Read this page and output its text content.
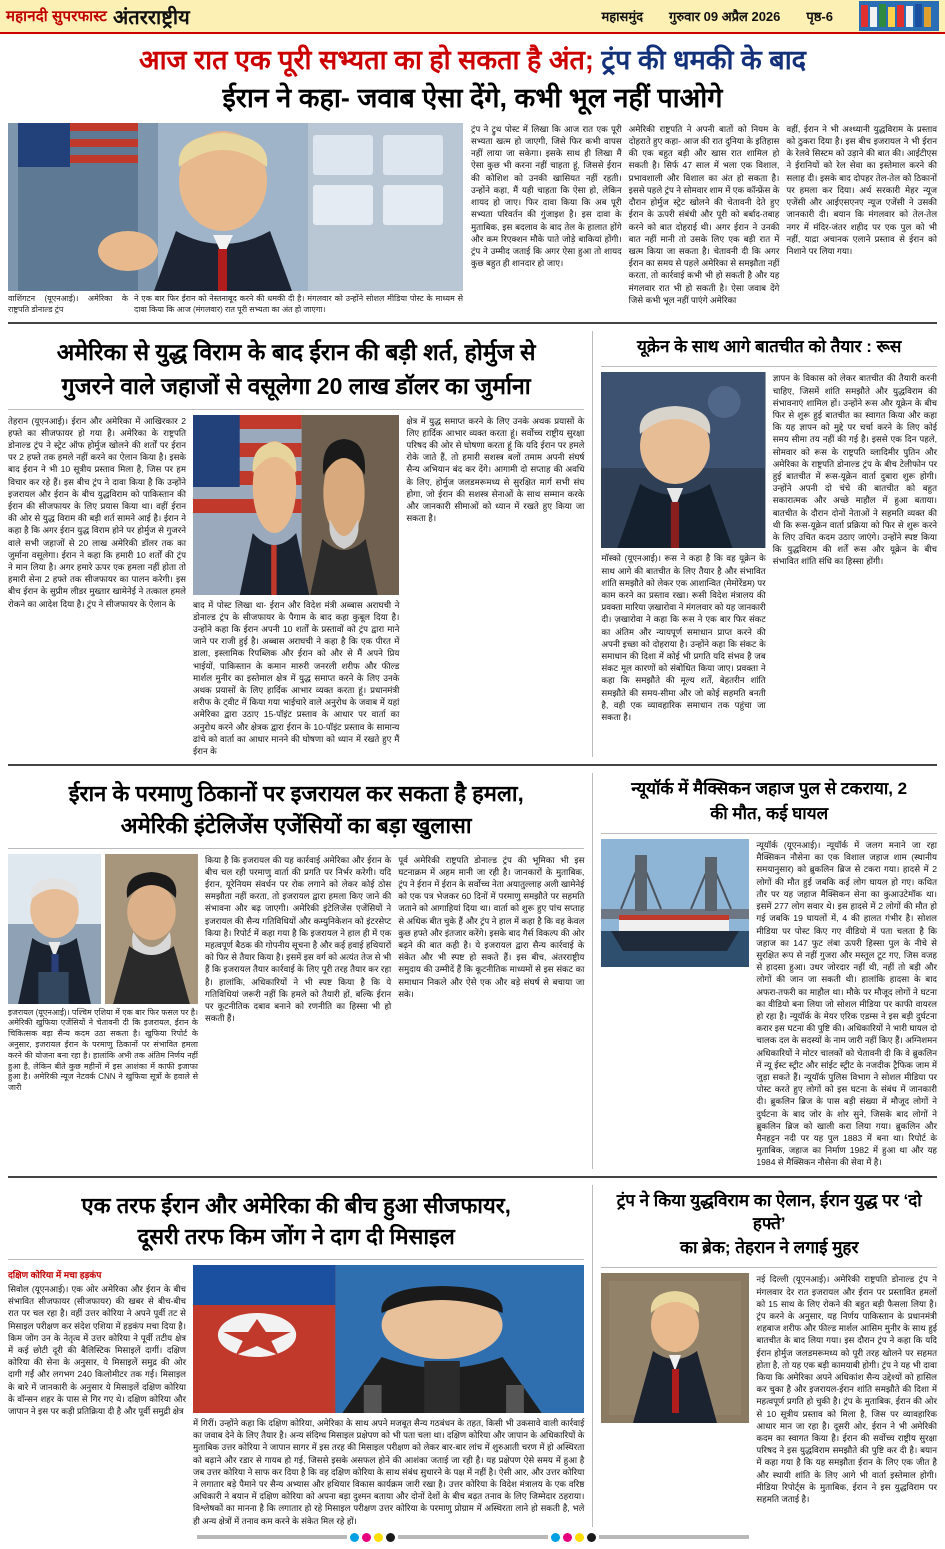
महानदी सुपरफास्ट अंतरराष्ट्रीय	महासमुंद गुरुवार 09 अप्रैल 2026 पृष्ठ-6
आज रात एक पूरी सभ्यता का हो सकता है अंत; ट्रंप की धमकी के बाद
ईरान ने कहा- जवाब ऐसा देंगे, कभी भूल नहीं पाओगे
वाशिंगटन (यूएनआई)। अमेरिका के राष्ट्रपति डोनाल्ड ट्रंप
ने एक बार फिर ईरान को नेस्तनाबूद करने की धमकी दी है। मंगलवार को उन्होंने सोशल मीडिया पोस्ट के माध्यम से दावा किया कि आज (मंगलवार) रात पूरी सभ्यता का अंत हो जाएगा।
ट्रंप ने ट्रुथ पोस्ट में लिखा कि आज रात एक पूरी सभ्यता खत्म हो जाएगी, जिसे फिर कभी वापस नहीं लाया जा सकेगा। इसके साथ ही लिखा मैं ऐसा कुछ भी करना नहीं चाहता हूं, जिससे ईरान की कोशिश को उनकी खासियत नहीं रहती। उन्होंने कहा, मैं यही चाहता कि ऐसा हो, लेकिन शायद हो जाए। फिर दावा किया कि अब पूरी सभ्यता परिवर्तन की गुंजाइश है। इस दावा के मुताबिक, इस बदलाव के बाद तेल के हालात होंगे और कम रिएक्शन मौके पाते जोड़े बाकियां होंगी। ट्रंप ने उम्मीद जताई कि अगर ऐसा हुआ तो शायद कुछ बहुत ही शानदार हो जाए।
अमेरिकी राष्ट्रपति ने अपनी बातों को नियम के दोहराते हुए कहा- आज की रात दुनिया के इतिहास की एक बहुत बड़ी और खास रात शामिल हो सकती है। सिर्फ 47 साल में भला एक विशाल, प्रभावशाली और विशाल का अंत हो सकता है। इससे पहले ट्रंप ने सोमवार शाम में एक कॉन्फ्रेंस के दौरान होर्मुज स्ट्रेट खोलने की चेतावनी देते हुए ईरान के ऊपरी संबंधी और पूरी को बर्बाद-तबाह करने को बात दोहराई थी। अगर ईरान ने उनकी बात नहीं मानी तो उसके लिए एक बड़ी रात में खत्म किया जा सकता है। चेतावनी दी कि अगर ईरान का समय से पहले अमेरिका से समझौता नहीं करता, तो कार्रवाई कभी भी हो सकती है और यह मंगलवार रात भी हो सकती है। ऐसा जवाब देंगे जिसे कभी भूल नहीं पाएंगे अमेरिका
वहीं, ईरान ने भी अश्ध्यानी युद्धविराम के प्रस्ताव को ठुकरा दिया है। इस बीच इजरायल ने भी ईरान के रेलवे सिस्टम को उड़ाने की बात की। आईटीएस ने ईरानियों को रेल सेवा का इस्तेमाल करने की सलाह दी। इसके बाद दोपहर तेल-तेल को ठिकानों पर हमला कर दिया। अर्थ सरकारी मेहर न्यूज एजेंसी और आईएसएनए न्यूज एजेंसी ने उसकी जानकारी दी। बयान कि मंगलवार को तेल-तेल नगर में मंदिर-जंतर शहीद पर एक पुल को भी नहीं, याद्रा अचानक एलाने प्रस्ताव से ईरान को निशाने पर लिया गया।
अमेरिका से युद्ध विराम के बाद ईरान की बड़ी शर्त, होर्मुज से
गुजरने वाले जहाजों से वसूलेगा 20 लाख डॉलर का जुर्माना
तेहरान (यूएनआई)। ईरान और अमेरिका में आखिरकार 2 हफ्ते का सीजफायर हो गया है। अमेरिका के राष्ट्रपति डोनाल्ड ट्रंप ने स्ट्रेट ऑफ होर्मुज खोलने की शर्तों पर ईरान पर 2 हफ्ते तक हमले नहीं करने का ऐलान किया है। इसके बाद ईरान ने भी 10 सूत्रीय प्रस्ताव मिला है, जिस पर हम विचार कर रहे हैं। इस बीच ट्रंप ने दावा किया है कि उन्होंने इजरायल और ईरान के बीच युद्धविराम को पाकिस्तान की ईरान की सीजफायर के लिए प्रयास किया था। वहीं ईरान की ओर से युद्ध विराम की बड़ी शर्त सामने आई है। ईरान ने कहा है कि अगर ईरान युद्ध विराम होने पर होर्मुज से गुजरने वाले सभी जहाजों से 20 लाख अमेरिकी डॉलर तक का जुर्माना वसूलेगा। ईरान ने कहा कि हमारी 10 शर्तों की ट्रंप ने मान लिया है। अगर हमारे ऊपर एक हमला नहीं होता तो हमारी सेना 2 हफ्ते तक सीजफायर का पालन करेगी। इस बीच ईरान के सुप्रीम लीडर मुख्तार खामेनेई ने तत्काल हमले रोकने का आदेश दिया है। ट्रंप ने सीजफायर के ऐलान के	बाद में पोस्ट लिखा था- ईरान और विदेश मंत्री अब्बास अराघची ने डोनाल्ड ट्रंप के सीजफायर के पैगाम के बाद कहा कुबूल दिया है। उन्होंने कहा कि ईरान अपनी 10 शर्तों के प्रस्तावों को ट्रंप द्वारा माने जाने पर राजी हुई है। अब्बास अराघची ने कहा है कि एक पीरत में डाला, इस्लामिक रिपब्लिक और ईरान को और से मैं अपने प्रिय भाईयों, पाकिस्तान के कमान मारुरी जनरली शरीफ और फील्ड मार्शल मुनीर का इस्तेमाल क्षेत्र में युद्ध समाप्त करने के लिए उनके अथक प्रयासों के लिए हार्दिक आभार व्यक्त करता हूं। प्रधानमंत्री शरीफ के ट्वीट में किया गया भाईचारे वाले अनुरोध के जवाब में यहां अमेरिका द्वारा उठाए 15-पॉइंट प्रस्ताव के आधार पर वार्ता का अनुरोध करने और क्षेत्रक द्वारा ईरान के 10-पॉइंट प्रस्ताव के सामान्य ढांचे को वार्ता का आधार मानने की घोषणा को ध्यान में रखते हुए मैं ईरान के
क्षेत्र में युद्ध समाप्त करने के लिए उनके अथक प्रयासों के लिए हार्दिक आभार व्यक्त करता हूं। सर्वोच्च राष्ट्रीय सुरक्षा परिषद की ओर से घोषणा करता हूं कि यदि ईरान पर हमले रोके जाते हैं, तो हमारी सशस्त्र बलों तमाम अपनी संघर्ष सैन्य अभियान बंद कर देंगे। आगामी दो सप्ताह की अवधि के लिए, होर्मुज जलडमरूमध्य से सुरक्षित मार्ग सभी संघ होगा, जो ईरान की सशस्त्र सेनाओं के साथ सम्मान करके और जानकारी सीमाओं को ध्यान में रखते हुए किया जा सकता है।
यूक्रेन के साथ आगे बातचीत को तैयार : रूस
मॉस्को (यूएनआई)। रूस ने कहा है कि वह यूक्रेन के साथ आगे की बातचीत के लिए तैयार है और संभावित शांति समझौते को लेकर एक आशान्वित (मेमोरेंडम) पर काम करने का प्रस्ताव रखा। रूसी विदेश मंत्रालय की प्रवक्ता मारिया ज़खारोवा ने मंगलवार को यह जानकारी दी। ज़खारोवा ने कहा कि रूस ने एक बार फिर संकट का अंतिम और न्यायपूर्ण समाधान प्राप्त करने की अपनी इच्छा को दोहराया है। उन्होंने कहा कि संकट के समाधान की दिशा में कोई भी प्रगति यदि संभव है जब संकट मूल कारणों को संबोधित किया जाए। प्रवक्ता ने कहा कि समझौते की मूल्य शर्तें, बेहतरीन शांति समझौते की समय-सीमा और जो कोई सहमति बनती है, वही एक व्यावहारिक समाधान तक पहुंचा जा सकता है।
ज्ञापन के विकास को लेकर बातचीत की तैयारी करनी चाहिए, जिसमें शांति समझौते और युद्धविराम की संभावनाएं शामिल हों। उन्होंने रूस और यूक्रेन के बीच फिर से शुरू हुई बातचीत का स्वागत किया और कहा कि यह ज्ञापन को मुद्दे पर चर्चा करने के लिए कोई समय सीमा तय नहीं की गई है। इससे एक दिन पहले, सोमवार को रूस के राष्ट्रपति व्लादिमीर पुतिन और अमेरिका के राष्ट्रपति डोनाल्ड ट्रंप के बीच टेलीफोन पर हुई बातचीत में रूस-यूक्रेन वार्ता दुबारा शुरू होगी। उन्होंने अपनी दो चंचे की बातचीत को बहुत सकारात्मक और अच्छे माहौल में हुआ बताया। बातचीत के दौरान दोनों नेताओं ने सहमति व्यक्त की थी कि रूस-यूक्रेन वार्ता प्रक्रिया को फिर से शुरू करने के लिए उचित कदम उठाए जाएंगे। उन्होंने स्पष्ट किया कि युद्धविराम की शर्तें रूस और यूक्रेन के बीच संभावित शांति संधि का हिस्सा होंगी।
ईरान के परमाणु ठिकानों पर इजरायल कर सकता है हमला,
अमेरिकी इंटेलिजेंस एजेंसियों का बड़ा खुलासा
इजरायल (यूएनआई)। पश्चिम एशिया में एक बार फिर फसल पर है। अमेरिकी खुफिया एजेंसियों ने चेतावनी दी कि इजरायल, ईरान के चिकित्सक बड़ा सैन्य कदम उठा सकता है। खुफिया रिपोर्ट के अनुसार, इजरायल ईरान के परमाणु ठिकानों पर संभावित हमला करने की योजना बना रहा है। हालांकि अभी तक अंतिम निर्णय नहीं हुआ है, लेकिन बीते कुछ महीनों में इस आशंका में काफी इजाफा हुआ है। अमेरिकी न्यूज नेटवर्क CNN ने खुफिया सूत्रों के हवाले से जारी
किया है कि इजरायल की यह कार्रवाई अमेरिका और ईरान के बीच चल रही परमाणु वार्ता की प्रगति पर निर्भर करेगी। यदि ईरान, यूरेनियम संवर्धन पर रोक लगाने को लेकर कोई ठोस समझौता नहीं करता, तो इजरायल द्वारा हमला किए जाने की संभावना और बढ़ जाएगी। अमेरिकी इंटेलिजेंस एजेंसियों ने इजरायल की सैन्य गतिविधियों और कम्युनिकेशन को इंटरसेप्ट किया है। रिपोर्ट में कहा गया है कि इजरायल ने हाल ही में एक महत्वपूर्ण बैठक की गोपनीय सूचना है और कई हवाई हथियारों को फिर से तैयार किया है। इसमें इस वर्ग को अत्यंत तेज से भी हैं कि इजरायल तैयार कार्रवाई के लिए पूरी तरह तैयार कर रहा है। हालांकि, अधिकारियों ने भी स्पष्ट किया है कि ये गतिविधियां जरूरी नहीं कि हमले को तैयारी हों, बल्कि ईरान पर कूटनीतिक दबाव बनाने को रणनीति का हिस्सा भी हो सकती हैं।
पूर्व अमेरिकी राष्ट्रपति डोनाल्ड ट्रंप की भूमिका भी इस घटनाक्रम में अहम मानी जा रही है। जानकारों के मुताबिक, ट्रंप ने ईरान में ईरान के सर्वोच्च नेता अयातुल्लाह अली खामेनेई को एक पत्र भेजकर 60 दिनों में परमाणु समझौते पर सहमति जताने को आगाहियां दिया था। वार्ता को शुरू हुए पांच सप्ताह से अधिक बीत चुके हैं और ट्रंप ने हाल में कहा है कि वह केवल कुछ हफ्ते और इंतजार करेंगे। इसके बाद गैर्स विकल्प की ओर बढ़ने की बात कही है। ये इजरायल द्वारा सैन्य कार्रवाई के संकेत और भी स्पष्ट हो सकते हैं। इस बीच, अंतरराष्ट्रीय समुदाय की उम्मीदें हैं कि कूटनीतिक माध्यमों से इस संकट का समाधान निकले और ऐसे एक और बड़े संघर्ष से बचाया जा सके।
न्यूयॉर्क में मैक्सिकन जहाज पुल से टकराया, 2
की मौत, कई घायल
न्यूयॉर्क (यूएनआई)। न्यूयॉर्क में जलग मनाने जा रहा मैक्सिकन नौसेना का एक विशाल जहाज शाम (स्थानीय समयानुसार) को ब्रुकलिन ब्रिज से टकरा गया। हादसे में 2 लोगों की मौत हुई जबकि कई लोग घायल हो गए। कथित तौर पर यह जहाज मैक्सिकन सेना का कुआउटेमॉक था। इसमें 277 लोग सवार थे। इस हादसे में 2 लोगों की मौत हो गई जबकि 19 घायलों में, 4 की हालत गंभीर है। सोशल मीडिया पर पोस्ट किए गए वीडियो में पता चलता है कि जहाज का 147 फुट लंबा ऊपरी हिस्सा पुल के नीचे से सुरक्षित रूप से नहीं गुजरा और मस्तूल टूट गए, जिस वजह से हादसा हुआ। उधर जोरदार नहीं थी, नहीं तो बड़ी और लोगों की जान जा सकती थी। हालांकि हादसा के बाद अफरा-तफरी का माहौल था। मौके पर मौजूद लोगों ने घटना का वीडियो बना लिया जो सोशल मीडिया पर काफी वायरल हो रहा है। न्यूयॉर्क के मेयर एरिक एडम्स ने इस बड़ी दुर्घटना करार इस घटना की पुष्टि की। अधिकारियों ने भारी घायल दो चालक दल के सदस्यों के नाम जारी नहीं किए हैं। अग्निशमन अधिकारियों ने मोटर चालकों को चेतावनी दी कि वे ब्रुकलिन में न्यू ईस्ट स्ट्रीट और सांईट स्ट्रीट के नजदीक ट्रैफिक जाम में जुड़ा सकते हैं। न्यूयॉर्क पुलिस विभाग ने सोशल मीडिया पर पोस्ट करते हुए लोगों को इस घटना के संबंध में जानकारी दी। ब्रुकलिन ब्रिज के पास बड़ी संख्या में मौजूद लोगों ने दुर्घटना के बाद जोर के शोर सुने, जिसके बाद लोगों ने ब्रुकलिन ब्रिज को खाली करा लिया गया। ब्रुकलिन और मैनहट्टन नदी पर यह पुल 1883 में बना था। रिपोर्ट के मुताबिक, जहाज का निर्माण 1982 में हुआ था और यह 1984 से मैक्सिकन नौसेना की सेवा में है।
एक तरफ ईरान और अमेरिका की बीच हुआ सीजफायर,
दूसरी तरफ किम जोंग ने दाग दी मिसाइल
दक्षिण कोरिया में मचा हड़कंप
सिवोल (यूएनआई)। एक ओर अमेरिका और ईरान के बीच संभावित सीजफायर (सीजफायर) की खबर से बीच-बीच रात पर चल रहा है। वहीं उत्तर कोरिया ने अपने पूर्वी तट से मिसाइल परीक्षण कर संदेश एशिया में हड़कंप मचा दिया है। किम जोंग उन के नेतृत्व में उत्तर कोरिया ने पूर्वी तटीय क्षेत्र में कई छोटी दूरी की बैलिस्टिक मिसाइलें दागीं। दक्षिण कोरिया की सेना के अनुसार, ये मिसाइलें समुद्र की ओर दागी गईं और लगभग 240 किलोमीटर तक गई। मिसाइल के बारे में जानकारी के अनुसार ये मिसाइलें दक्षिण कोरिया के वॉन्सन शहर के पास से गिर गए थे। दक्षिण कोरिया और जापान ने इस पर कड़ी प्रतिक्रिया दी है और पूर्वी समुद्री क्षेत्र
में गिरीं। उन्होंने कहा कि दक्षिण कोरिया, अमेरिका के साथ अपने मजबूत सैन्य गठबंधन के तहत, किसी भी उकसावे वाली कार्रवाई का जवाब देने के लिए तैयार है। अन्य संदिग्ध मिसाइल प्रक्षेपण को भी पता चला था। दक्षिण कोरिया और जापान के अधिकारियों के मुताबिक उत्तर कोरिया ने जापान सागर में इस तरह की मिसाइल परीक्षण को लेकर बार-बार लांच में शुरुआती चरण में हो अस्थिरता को बढ़ाने और रडार से गायब हो गई, जिससे इसके असफल होने की आशंका जताई जा रही है। यह प्रक्षेपण ऐसे समय में हुआ है जब उत्तर कोरिया ने साफ कर दिया है कि वह दक्षिण कोरिया के साथ संबंध सुधारने के पक्ष में नहीं है। ऐसी आर, और उत्तर कोरिया ने लगातार बड़े पैमाने पर सैन्य अभ्यास और हथियार विकास कार्यक्रम जारी रखा है। उत्तर कोरिया के विदेश मंत्रालय के एक वरिष्ठ अधिकारी ने बयान में दक्षिण कोरिया को अपना बड़ा दुश्मन बताया और दोनों देशों के बीच बढ़त तनाव के लिए जिम्मेदार ठहराया। विश्लेषकों का मानना है कि लगातार हो रहे मिसाइल परीक्षण उत्तर कोरिया के परमाणु प्रोग्राम में अस्थिरता लाने हो सकती है, भले ही अन्य क्षेत्रों में तनाव कम करने के संकेत मिल रहे हों।
ट्रंप ने किया युद्धविराम का ऐलान, ईरान युद्ध पर ‘दो हफ्ते’
का ब्रेक; तेहरान ने लगाई मुहर
नई दिल्ली (यूएनआई)। अमेरिकी राष्ट्रपति डोनाल्ड ट्रंप ने मंगलवार देर रात इजरायल और ईरान पर प्रस्तावित हमलों को 15 साथ के लिए रोकने की बहुत बड़ी फैसला लिया है। ट्रंप करने के अनुसार, यह निर्णय पाकिस्तान के प्रधानमंत्री शहबाज शरीफ और फील्ड मार्शल आसिम मुनीर के साथ हुई बातचीत के बाद लिया गया। इस दौरान ट्रंप ने कहा कि यदि ईरान होर्मुज जलडमरूमध्य को पूरी तरह खोलने पर सहमत होता है, तो यह एक बड़ी कामयाबी होगी। ट्रंप ने यह भी दावा किया कि अमेरिका अपने अधिकांश सैन्य उद्देश्यों को हासिल कर चुका है और इजरायल-ईरान शांति समझौते की दिशा में महत्वपूर्ण प्रगति हो चुकी है। ट्रंप के मुताबिक, ईरान की ओर से 10 सूत्रीय प्रस्ताव को मिला है, जिस पर व्यावहारिक आधार मान जा रहा है। दूसरी ओर, ईरान ने भी अमेरिकी कदम का स्वागत किया है। ईरान की सर्वोच्च राष्ट्रीय सुरक्षा परिषद ने इस युद्धविराम समझौते की पुष्टि कर दी है। बयान में कहा गया है कि यह समझौता ईरान के लिए एक जीत है और स्थायी शांति के लिए आगे भी वार्ता इस्तेमाल होगी। मीडिया रिपोर्ट्स के मुताबिक, ईरान ने इस युद्धविराम पर सहमति जताई है।
